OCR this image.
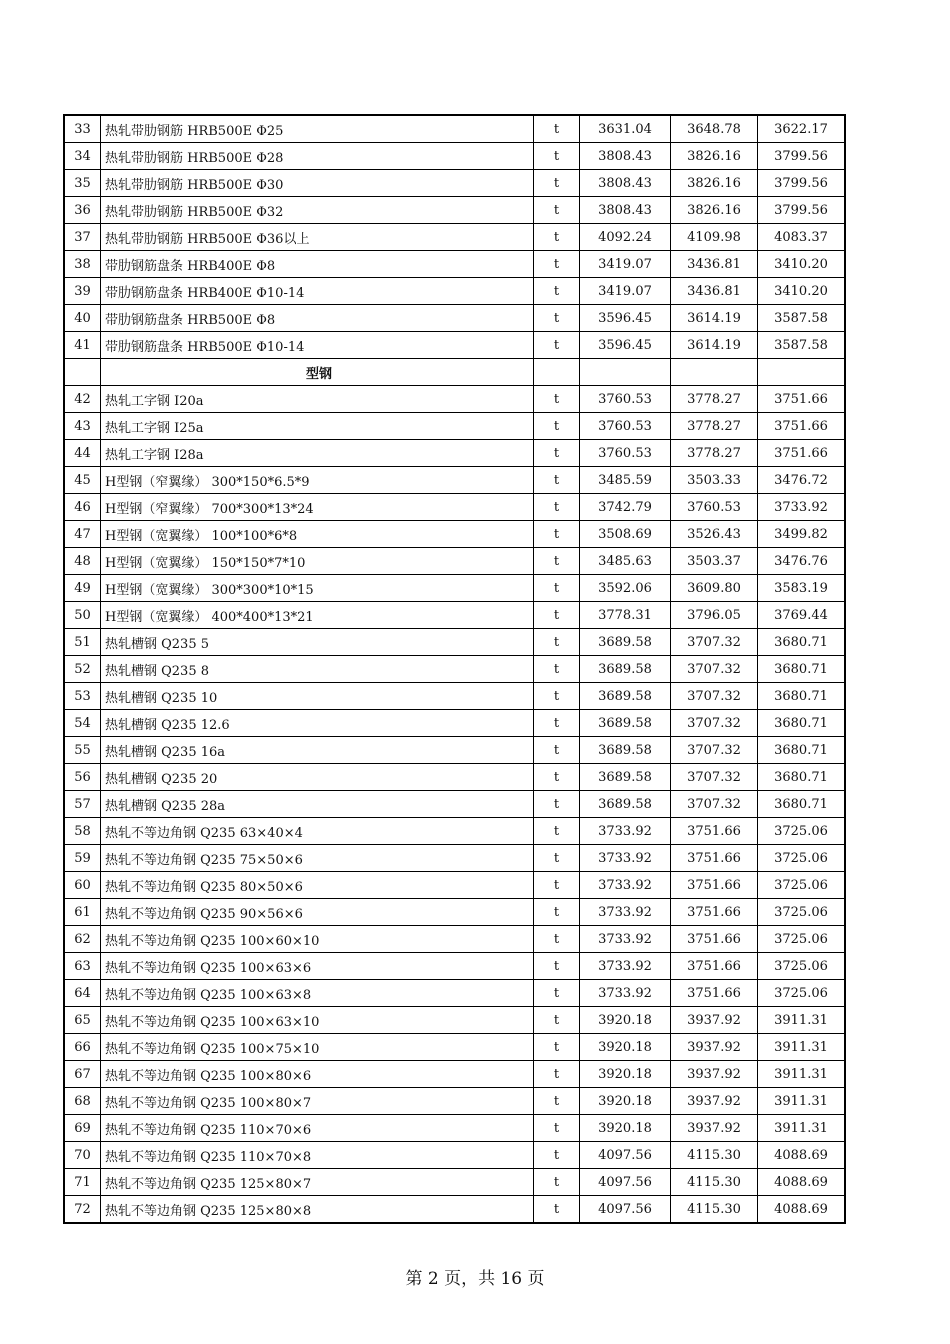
33	热轧带肋钢筋 HRB500E Φ25	t	3631.04	3648.78	3622.17
34	热轧带肋钢筋 HRB500E Φ28	t	3808.43	3826.16	3799.56
35	热轧带肋钢筋 HRB500E Φ30	t	3808.43	3826.16	3799.56
36	热轧带肋钢筋 HRB500E Φ32	t	3808.43	3826.16	3799.56
37	热轧带肋钢筋 HRB500E Φ36以上	t	4092.24	4109.98	4083.37
38	带肋钢筋盘条 HRB400E Φ8	t	3419.07	3436.81	3410.20
39	带肋钢筋盘条 HRB400E Φ10-14	t	3419.07	3436.81	3410.20
40	带肋钢筋盘条 HRB500E Φ8	t	3596.45	3614.19	3587.58
41	带肋钢筋盘条 HRB500E Φ10-14	t	3596.45	3614.19	3587.58
	型钢				
42	热轧工字钢 I20a	t	3760.53	3778.27	3751.66
43	热轧工字钢 I25a	t	3760.53	3778.27	3751.66
44	热轧工字钢 I28a	t	3760.53	3778.27	3751.66
45	H型钢（窄翼缘） 300*150*6.5*9	t	3485.59	3503.33	3476.72
46	H型钢（窄翼缘） 700*300*13*24	t	3742.79	3760.53	3733.92
47	H型钢（宽翼缘） 100*100*6*8	t	3508.69	3526.43	3499.82
48	H型钢（宽翼缘） 150*150*7*10	t	3485.63	3503.37	3476.76
49	H型钢（宽翼缘） 300*300*10*15	t	3592.06	3609.80	3583.19
50	H型钢（宽翼缘） 400*400*13*21	t	3778.31	3796.05	3769.44
51	热轧槽钢 Q235 5	t	3689.58	3707.32	3680.71
52	热轧槽钢 Q235 8	t	3689.58	3707.32	3680.71
53	热轧槽钢 Q235 10	t	3689.58	3707.32	3680.71
54	热轧槽钢 Q235 12.6	t	3689.58	3707.32	3680.71
55	热轧槽钢 Q235 16a	t	3689.58	3707.32	3680.71
56	热轧槽钢 Q235 20	t	3689.58	3707.32	3680.71
57	热轧槽钢 Q235 28a	t	3689.58	3707.32	3680.71
58	热轧不等边角钢 Q235 63×40×4	t	3733.92	3751.66	3725.06
59	热轧不等边角钢 Q235 75×50×6	t	3733.92	3751.66	3725.06
60	热轧不等边角钢 Q235 80×50×6	t	3733.92	3751.66	3725.06
61	热轧不等边角钢 Q235 90×56×6	t	3733.92	3751.66	3725.06
62	热轧不等边角钢 Q235 100×60×10	t	3733.92	3751.66	3725.06
63	热轧不等边角钢 Q235 100×63×6	t	3733.92	3751.66	3725.06
64	热轧不等边角钢 Q235 100×63×8	t	3733.92	3751.66	3725.06
65	热轧不等边角钢 Q235 100×63×10	t	3920.18	3937.92	3911.31
66	热轧不等边角钢 Q235 100×75×10	t	3920.18	3937.92	3911.31
67	热轧不等边角钢 Q235 100×80×6	t	3920.18	3937.92	3911.31
68	热轧不等边角钢 Q235 100×80×7	t	3920.18	3937.92	3911.31
69	热轧不等边角钢 Q235 110×70×6	t	3920.18	3937.92	3911.31
70	热轧不等边角钢 Q235 110×70×8	t	4097.56	4115.30	4088.69
71	热轧不等边角钢 Q235 125×80×7	t	4097.56	4115.30	4088.69
72	热轧不等边角钢 Q235 125×80×8	t	4097.56	4115.30	4088.69
第 2 页，共 16 页
